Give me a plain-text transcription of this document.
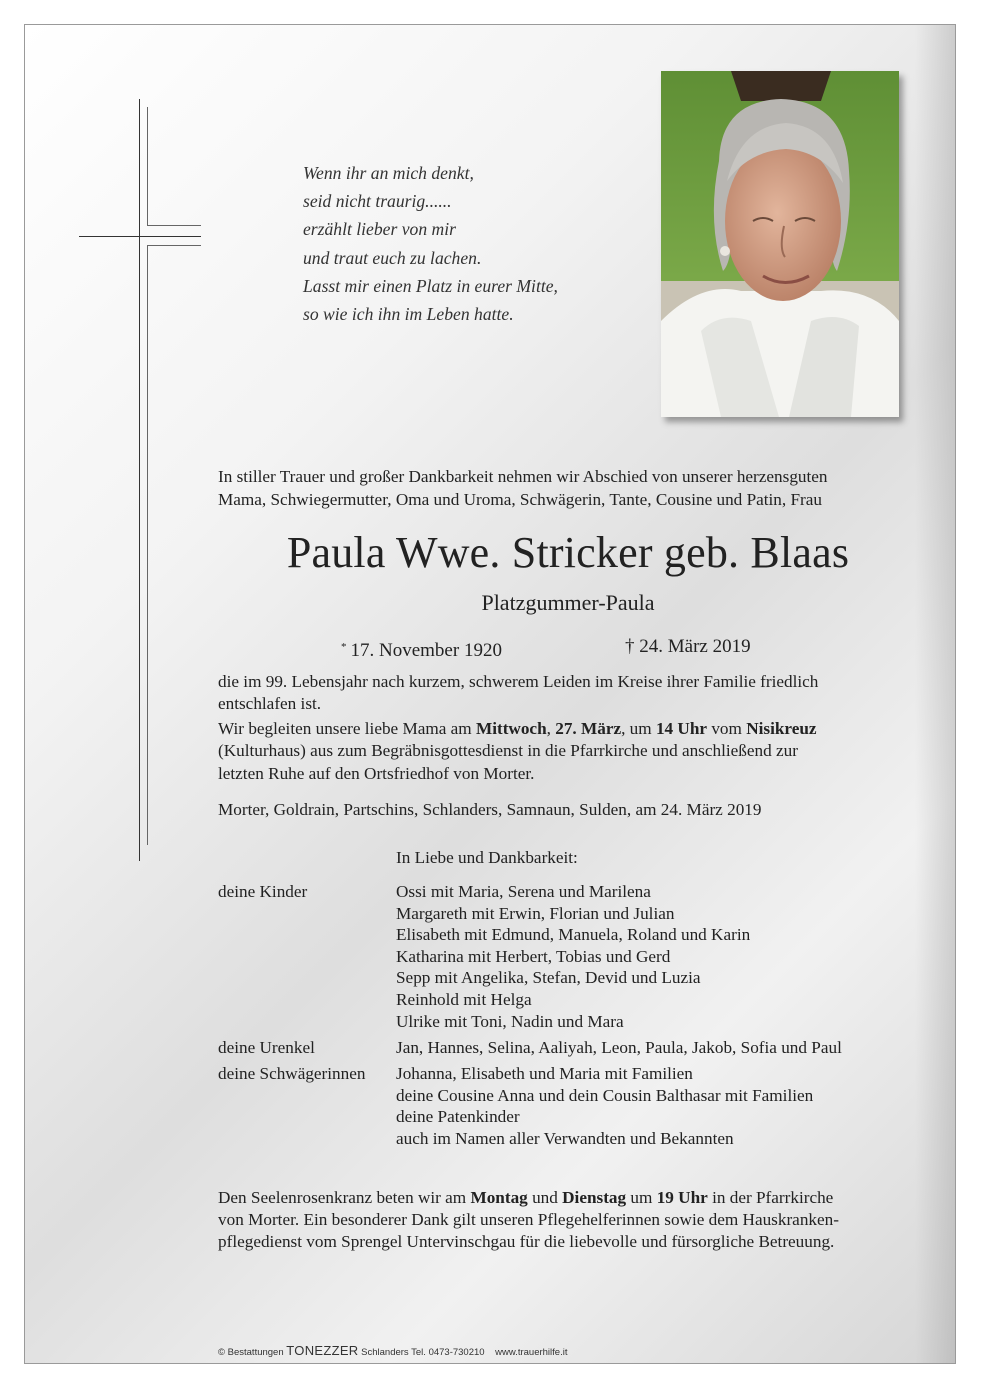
Wenn ihr an mich denkt,
seid nicht traurig......
erzählt lieber von mir
und traut euch zu lachen.
Lasst mir einen Platz in eurer Mitte,
so wie ich ihn im Leben hatte.
In stiller Trauer und großer Dankbarkeit nehmen wir Abschied von unserer herzensguten
Mama, Schwiegermutter, Oma und Uroma, Schwägerin, Tante, Cousine und Patin, Frau
Paula Wwe. Stricker geb. Blaas
Platzgummer-Paula
* 17. November 1920	† 24. März 2019
die im 99. Lebensjahr nach kurzem, schwerem Leiden im Kreise ihrer Familie friedlich
entschlafen ist.
Wir begleiten unsere liebe Mama am Mittwoch, 27. März, um 14 Uhr vom Nisikreuz
(Kulturhaus) aus zum Begräbnisgottesdienst in die Pfarrkirche und anschließend zur
letzten Ruhe auf den Ortsfriedhof von Morter.
Morter, Goldrain, Partschins, Schlanders, Samnaun, Sulden, am 24. März 2019
In Liebe und Dankbarkeit:
deine Kinder	Ossi mit Maria, Serena und Marilena
Margareth mit Erwin, Florian und Julian
Elisabeth mit Edmund, Manuela, Roland und Karin
Katharina mit Herbert, Tobias und Gerd
Sepp mit Angelika, Stefan, Devid und Luzia
Reinhold mit Helga
Ulrike mit Toni, Nadin und Mara
deine Urenkel	Jan, Hannes, Selina, Aaliyah, Leon, Paula, Jakob, Sofia und Paul
deine Schwägerinnen Johanna, Elisabeth und Maria mit Familien
deine Cousine Anna und dein Cousin Balthasar mit Familien
deine Patenkinder
auch im Namen aller Verwandten und Bekannten
Den Seelenrosenkranz beten wir am Montag und Dienstag um 19 Uhr in der Pfarrkirche
von Morter. Ein besonderer Dank gilt unseren Pflegehelferinnen sowie dem Hauskranken-
pflegedienst vom Sprengel Untervinschgau für die liebevolle und fürsorgliche Betreuung.
© Bestattungen TONEZZER Schlanders Tel. 0473-730210 www.trauerhilfe.it
